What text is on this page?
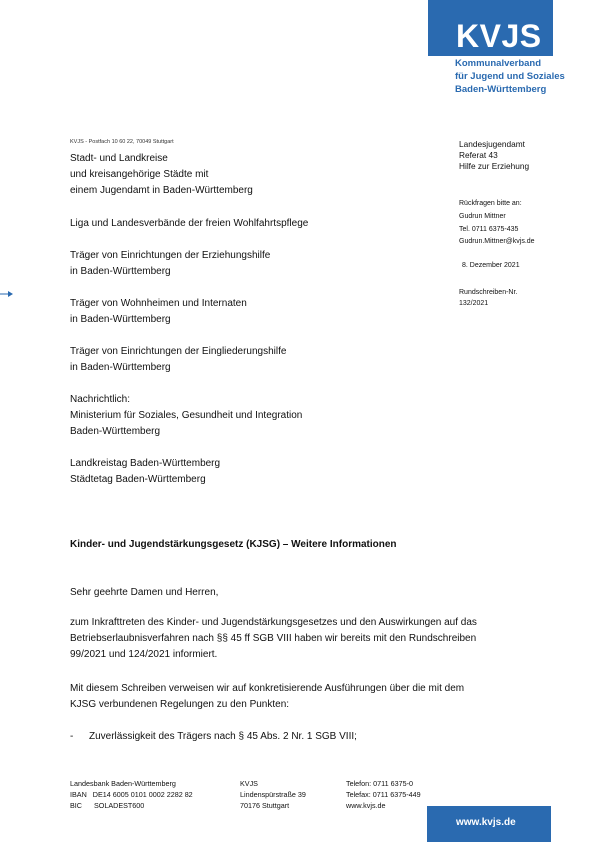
KVJS
Kommunalverband
für Jugend und Soziales
Baden-Württemberg
KVJS - Postfach 10 60 22, 70049 Stuttgart
Stadt- und Landkreise
und kreisangehörige Städte mit
einem Jugendamt in Baden-Württemberg
Liga und Landesverbände der freien Wohlfahrtspflege
Träger von Einrichtungen der Erziehungshilfe
in Baden-Württemberg
Träger von Wohnheimen und Internaten
in Baden-Württemberg
Träger von Einrichtungen der Eingliederungshilfe
in Baden-Württemberg
Nachrichtlich:
Ministerium für Soziales, Gesundheit und Integration
Baden-Württemberg
Landkreistag Baden-Württemberg
Städtetag Baden-Württemberg
Landesjugendamt
Referat 43
Hilfe zur Erziehung
Rückfragen bitte an:
Gudrun Mittner
Tel. 0711 6375-435
Gudrun.Mittner@kvjs.de
8. Dezember 2021
Rundschreiben-Nr.
132/2021
Kinder- und Jugendstärkungsgesetz (KJSG) – Weitere Informationen
Sehr geehrte Damen und Herren,
zum Inkrafttreten des Kinder- und Jugendstärkungsgesetzes und den Auswirkungen auf das
Betriebserlaubnisverfahren nach §§ 45 ff SGB VIII haben wir bereits mit den Rundschreiben
99/2021 und 124/2021 informiert.
Mit diesem Schreiben verweisen wir auf konkretisierende Ausführungen über die mit dem
KJSG verbundenen Regelungen zu den Punkten:
- Zuverlässigkeit des Trägers nach § 45 Abs. 2 Nr. 1 SGB VIII;
Landesbank Baden-Württemberg
IBAN   DE14 6005 0101 0002 2282 82
BIC      SOLADEST600
KVJS
Lindenspürstraße 39
70176 Stuttgart
Telefon: 0711 6375-0
Telefax: 0711 6375-449
www.kvjs.de
www.kvjs.de
